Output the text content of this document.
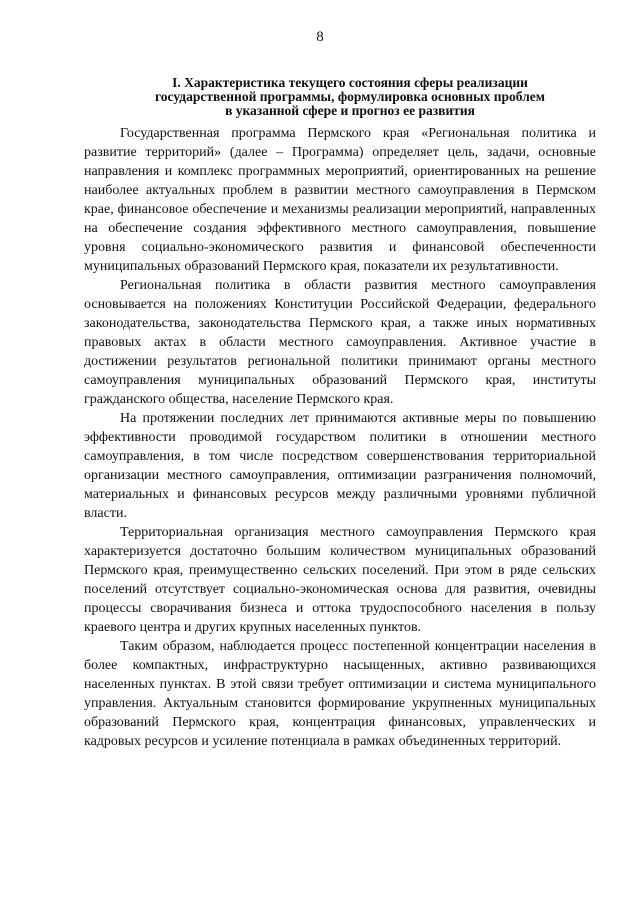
8
I. Характеристика текущего состояния сферы реализации
государственной программы, формулировка основных проблем
в указанной сфере и прогноз ее развития

Государственная программа Пермского края «Региональная политика и развитие территорий» (далее – Программа) определяет цель, задачи, основные направления и комплекс программных мероприятий, ориентированных на решение наиболее актуальных проблем в развитии местного самоуправления в Пермском крае, финансовое обеспечение и механизмы реализации мероприятий, направленных на обеспечение создания эффективного местного самоуправления, повышение уровня социально-экономического развития и финансовой обеспеченности муниципальных образований Пермского края, показатели их результативности.

Региональная политика в области развития местного самоуправления основывается на положениях Конституции Российской Федерации, федерального законодательства, законодательства Пермского края, а также иных нормативных правовых актах в области местного самоуправления. Активное участие в достижении результатов региональной политики принимают органы местного самоуправления муниципальных образований Пермского края, институты гражданского общества, население Пермского края.

На протяжении последних лет принимаются активные меры по повышению эффективности проводимой государством политики в отношении местного самоуправления, в том числе посредством совершенствования территориальной организации местного самоуправления, оптимизации разграничения полномочий, материальных и финансовых ресурсов между различными уровнями публичной власти.

Территориальная организация местного самоуправления Пермского края характеризуется достаточно большим количеством муниципальных образований Пермского края, преимущественно сельских поселений. При этом в ряде сельских поселений отсутствует социально-экономическая основа для развития, очевидны процессы сворачивания бизнеса и оттока трудоспособного населения в пользу краевого центра и других крупных населенных пунктов.

Таким образом, наблюдается процесс постепенной концентрации населения в более компактных, инфраструктурно насыщенных, активно развивающихся населенных пунктах. В этой связи требует оптимизации и система муниципального управления. Актуальным становится формирование укрупненных муниципальных образований Пермского края, концентрация финансовых, управленческих и кадровых ресурсов и усиление потенциала в рамках объединенных территорий.
